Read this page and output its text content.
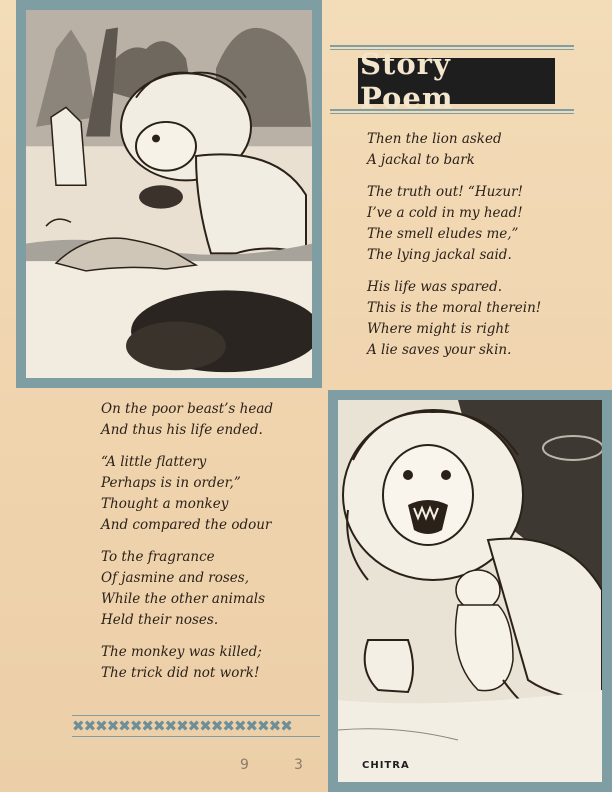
Story Poem
Then the lion asked
A jackal to bark
The truth out! “Huzur!
I’ve a cold in my head!
The smell eludes me,”
The lying jackal said.
His life was spared.
This is the moral therein!
Where might is right
A lie saves your skin.
On the poor beast’s head
And thus his life ended.
“A little flattery
Perhaps is in order,”
Thought a monkey
And compared the odour
To the fragrance
Of jasmine and roses,
While the other animals
Held their noses.
The monkey was killed;
The trick did not work!
✖✖✖✖✖✖✖✖✖✖✖✖✖✖✖✖✖✖✖
CHITRA
9	3
